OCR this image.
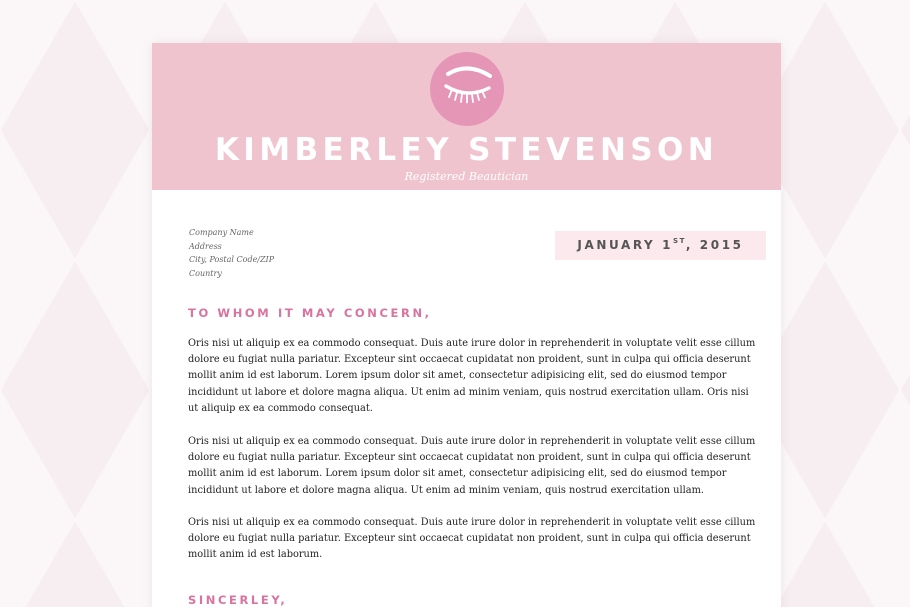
KIMBERLEY STEVENSON
Registered Beautician
Company Name
Address
City, Postal Code/ZIP
Country
JANUARY 1ST, 2015
TO WHOM IT MAY CONCERN,

Oris nisi ut aliquip ex ea commodo consequat. Duis aute irure dolor in reprehenderit in voluptate velit esse cillum dolore eu fugiat nulla pariatur. Excepteur sint occaecat cupidatat non proident, sunt in culpa qui officia deserunt mollit anim id est laborum. Lorem ipsum dolor sit amet, consectetur adipisicing elit, sed do eiusmod tempor incididunt ut labore et dolore magna aliqua. Ut enim ad minim veniam, quis nostrud exercitation ullam. Oris nisi ut aliquip ex ea commodo consequat.

Oris nisi ut aliquip ex ea commodo consequat. Duis aute irure dolor in reprehenderit in voluptate velit esse cillum dolore eu fugiat nulla pariatur. Excepteur sint occaecat cupidatat non proident, sunt in culpa qui officia deserunt mollit anim id est laborum. Lorem ipsum dolor sit amet, consectetur adipisicing elit, sed do eiusmod tempor incididunt ut labore et dolore magna aliqua. Ut enim ad minim veniam, quis nostrud exercitation ullam.

Oris nisi ut aliquip ex ea commodo consequat. Duis aute irure dolor in reprehenderit in voluptate velit esse cillum dolore eu fugiat nulla pariatur. Excepteur sint occaecat cupidatat non proident, sunt in culpa qui officia deserunt mollit anim id est laborum.

SINCERLEY,
